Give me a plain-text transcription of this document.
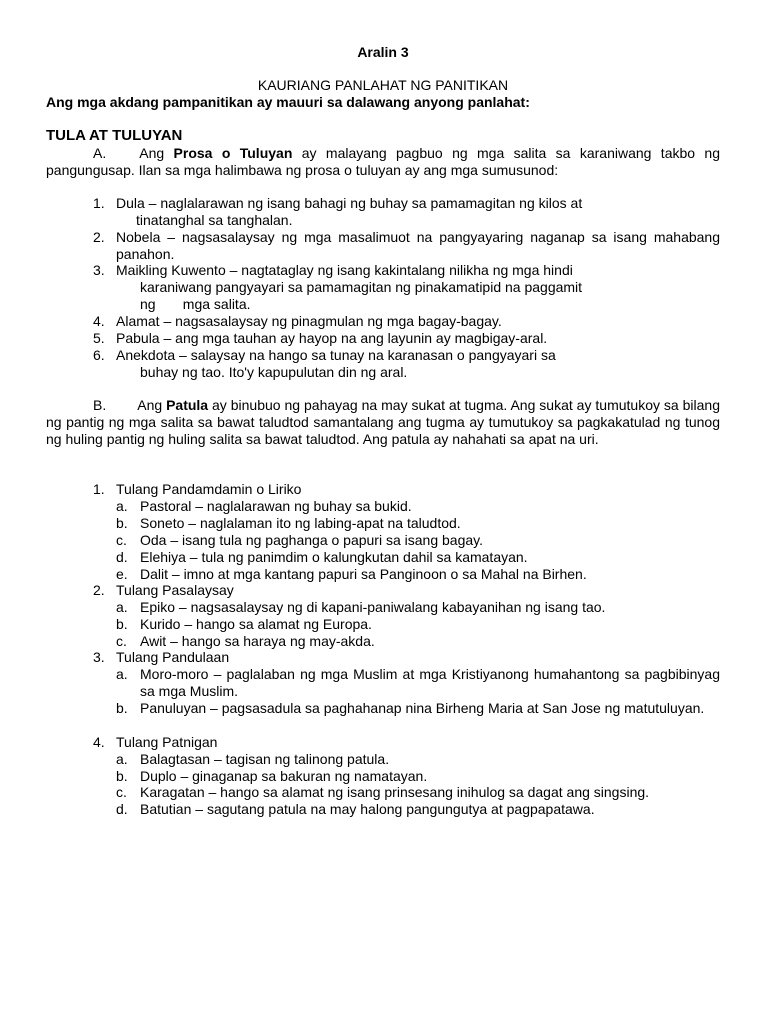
Aralin 3
KAURIANG PANLAHAT NG PANITIKAN
Ang mga akdang pampanitikan ay mauuri sa dalawang anyong panlahat:
TULA AT TULUYAN
A. Ang Prosa o Tuluyan ay malayang pagbuo ng mga salita sa karaniwang takbo ng pangungusap. Ilan sa mga halimbawa ng prosa o tuluyan ay ang mga sumusunod:
1. Dula – naglalarawan ng isang bahagi ng buhay sa pamamagitan ng kilos at
tinatanghal sa tanghalan.
2. Nobela – nagsasalaysay ng mga masalimuot na pangyayaring naganap sa isang mahabang panahon.
3. Maikling Kuwento – nagtataglay ng isang kakintalang nilikha ng mga hindi
karaniwang pangyayari sa pamamagitan ng pinakamatipid na paggamit
ng       mga salita.
4. Alamat – nagsasalaysay ng pinagmulan ng mga bagay-bagay.
5. Pabula – ang mga tauhan ay hayop na ang layunin ay magbigay-aral.
6. Anekdota – salaysay na hango sa tunay na karanasan o pangyayari sa
buhay ng tao. Ito'y kapupulutan din ng aral.
B. Ang Patula ay binubuo ng pahayag na may sukat at tugma. Ang sukat ay tumutukoy sa bilang ng pantig ng mga salita sa bawat taludtod samantalang ang tugma ay tumutukoy sa pagkakatulad ng tunog ng huling pantig ng huling salita sa bawat taludtod. Ang patula ay nahahati sa apat na uri.
1. Tulang Pandamdamin o Liriko
a. Pastoral – naglalarawan ng buhay sa bukid.
b. Soneto – naglalaman ito ng labing-apat na taludtod.
c. Oda – isang tula ng paghanga o papuri sa isang bagay.
d. Elehiya – tula ng panimdim o kalungkutan dahil sa kamatayan.
e. Dalit – imno at mga kantang papuri sa Panginoon o sa Mahal na Birhen.
2. Tulang Pasalaysay
a. Epiko – nagsasalaysay ng di kapani-paniwalang kabayanihan ng isang tao.
b. Kurido – hango sa alamat ng Europa.
c. Awit – hango sa haraya ng may-akda.
3. Tulang Pandulaan
a. Moro-moro – paglalaban ng mga Muslim at mga Kristiyanong humahantong sa pagbibinyag sa mga Muslim.
b. Panuluyan – pagsasadula sa paghahanap nina Birheng Maria at San Jose ng matutuluyan.
4. Tulang Patnigan
a. Balagtasan – tagisan ng talinong patula.
b. Duplo – ginaganap sa bakuran ng namatayan.
c. Karagatan – hango sa alamat ng isang prinsesang inihulog sa dagat ang singsing.
d. Batutian – sagutang patula na may halong pangungutya at pagpapatawa.
